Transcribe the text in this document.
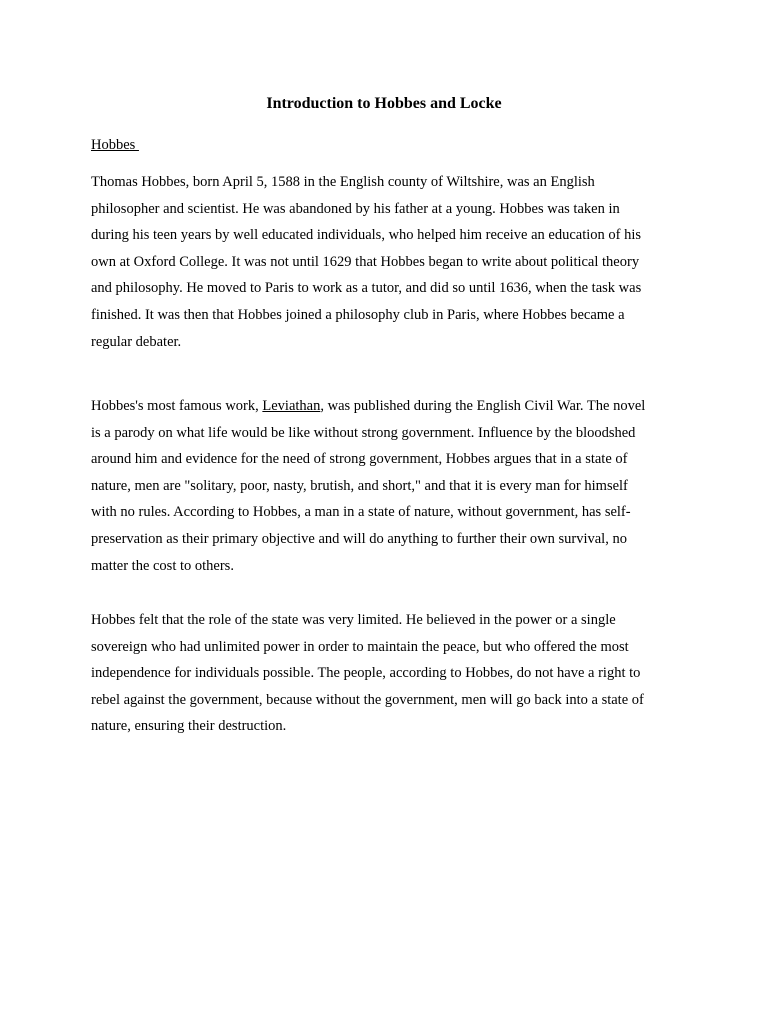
Introduction to Hobbes and Locke
Hobbes
Thomas Hobbes, born April 5, 1588 in the English county of Wiltshire, was an English
philosopher and scientist. He was abandoned by his father at a young. Hobbes was taken in
during his teen years by well educated individuals, who helped him receive an education of his
own at Oxford College. It was not until 1629 that Hobbes began to write about political theory
and philosophy. He moved to Paris to work as a tutor, and did so until 1636, when the task was
finished. It was then that Hobbes joined a philosophy club in Paris, where Hobbes became a
regular debater.
Hobbes's most famous work, Leviathan, was published during the English Civil War. The novel
is a parody on what life would be like without strong government. Influence by the bloodshed
around him and evidence for the need of strong government, Hobbes argues that in a state of
nature, men are "solitary, poor, nasty, brutish, and short," and that it is every man for himself
with no rules. According to Hobbes, a man in a state of nature, without government, has self-
preservation as their primary objective and will do anything to further their own survival, no
matter the cost to others.
Hobbes felt that the role of the state was very limited. He believed in the power or a single
sovereign who had unlimited power in order to maintain the peace, but who offered the most
independence for individuals possible. The people, according to Hobbes, do not have a right to
rebel against the government, because without the government, men will go back into a state of
nature, ensuring their destruction.
